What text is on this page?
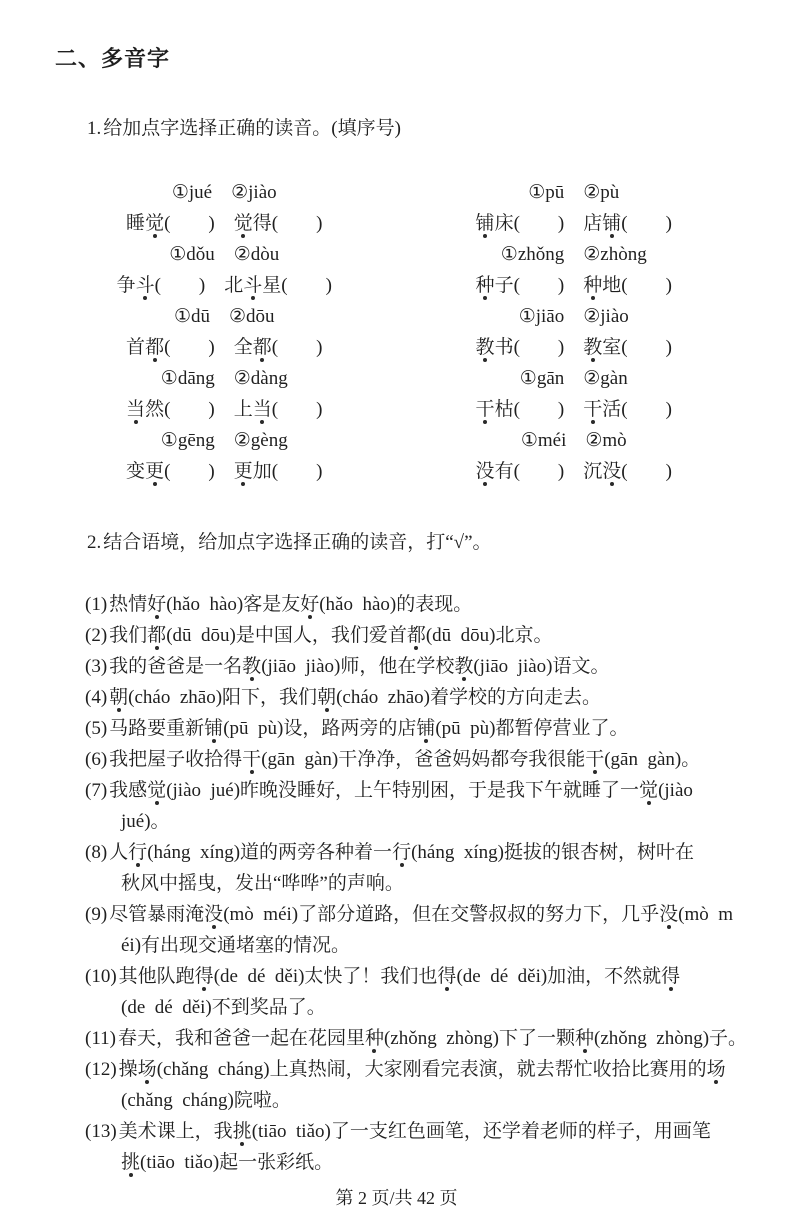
二、多音字

1. 给加点字选择正确的读音。(填序号)

①jué　②jiào
睡觉(　　)　 觉得(　　)
①pū　②pù
铺床(　　)　 店铺(　　)
①dǒu　②dòu
争斗(　　)　 北斗星(　　)
①zhǒng　②zhòng
种子(　　)　 种地(　　)
①dū　②dōu
首都(　　)　 全都(　　)
①jiāo　②jiào
教书(　　)　 教室(　　)
①dāng　②dàng
当然(　　)　 上当(　　)
①gān　②gàn
干枯(　　)　 干活(　　)
①gēng　②gèng
变更(　　)　 更加(　　)
①méi　②mò
没有(　　)　 沉没(　　)

2. 结合语境，给加点字选择正确的读音，打“√”。

(1) 热情好(hǎo  hào)客是友好(hǎo  hào)的表现。
(2) 我们都(dū  dōu)是中国人，我们爱首都(dū  dōu)北京。
(3) 我的爸爸是一名教(jiāo  jiào)师，他在学校教(jiāo  jiào)语文。
(4) 朝(cháo  zhāo)阳下，我们朝(cháo  zhāo)着学校的方向走去。
(5) 马路要重新铺(pū  pù)设，路两旁的店铺(pū  pù)都暂停营业了。
(6) 我把屋子收拾得干(gān  gàn)干净净，爸爸妈妈都夸我很能干(gān  gàn)。
(7) 我感觉(jiào  jué)昨晚没睡好，上午特别困，于是我下午就睡了一觉(jiào
jué)。
(8) 人行(háng  xíng)道的两旁各种着一行(háng  xíng)挺拔的银杏树，树叶在
秋风中摇曳，发出“哗哗”的声响。
(9) 尽管暴雨淹没(mò  méi)了部分道路，但在交警叔叔的努力下，几乎没(mò  m
éi)有出现交通堵塞的情况。
(10) 其他队跑得(de  dé  děi)太快了！我们也得(de  dé  děi)加油，不然就得
(de  dé  děi)不到奖品了。
(11) 春天，我和爸爸一起在花园里种(zhǒng  zhòng)下了一颗种(zhǒng  zhòng)子。
(12) 操场(chǎng  cháng)上真热闹，大家刚看完表演，就去帮忙收拾比赛用的场
(chǎng  cháng)院啦。
(13) 美术课上，我挑(tiāo  tiǎo)了一支红色画笔，还学着老师的样子，用画笔
挑(tiāo  tiǎo)起一张彩纸。
第 2 页/共 42 页
